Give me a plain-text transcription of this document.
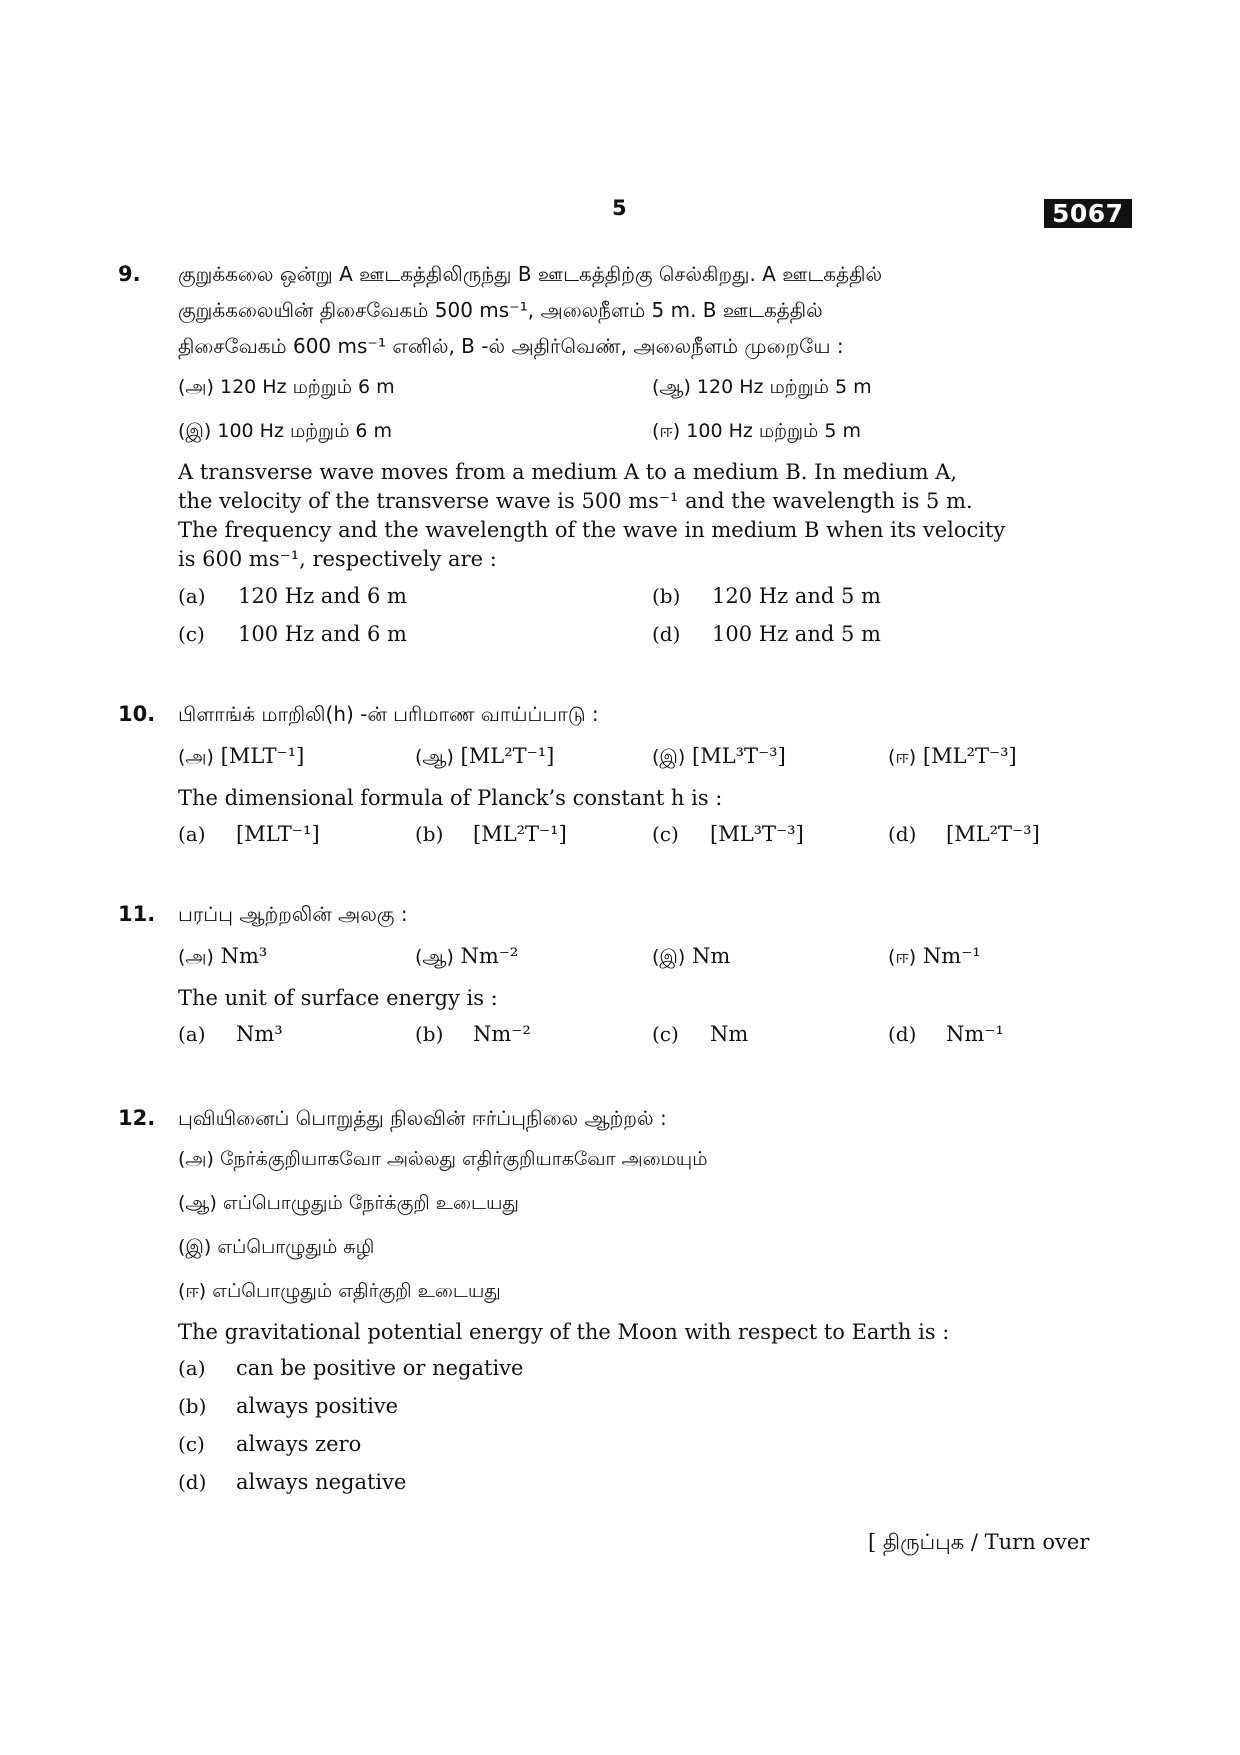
5	5067
9. குறுக்கலை ஒன்று A ஊடகத்திலிருந்து B ஊடகத்திற்கு செல்கிறது. A ஊடகத்தில்
குறுக்கலையின் திசைவேகம் 500 ms⁻¹, அலைநீளம் 5 m. B ஊடகத்தில்
திசைவேகம் 600 ms⁻¹ எனில், B -ல் அதிர்வெண், அலைநீளம் முறையே :
(அ) 120 Hz மற்றும் 6 m	(ஆ) 120 Hz மற்றும் 5 m
(இ) 100 Hz மற்றும் 6 m	(ஈ) 100 Hz மற்றும் 5 m
A transverse wave moves from a medium A to a medium B. In medium A,
the velocity of the transverse wave is 500 ms⁻¹ and the wavelength is 5 m.
The frequency and the wavelength of the wave in medium B when its velocity
is 600 ms⁻¹, respectively are :
(a) 120 Hz and 6 m	(b) 120 Hz and 5 m
(c) 100 Hz and 6 m	(d) 100 Hz and 5 m
10. பிளாங்க் மாறிலி(h) -ன் பரிமாண வாய்ப்பாடு :
(அ) [MLT⁻¹]	(ஆ) [ML²T⁻¹]	(இ) [ML³T⁻³]	(ஈ) [ML²T⁻³]
The dimensional formula of Planck’s constant h is :
(a) [MLT⁻¹]	(b) [ML²T⁻¹]	(c) [ML³T⁻³]	(d) [ML²T⁻³]
11. பரப்பு ஆற்றலின் அலகு :
(அ) Nm³	(ஆ) Nm⁻²	(இ) Nm	(ஈ) Nm⁻¹
The unit of surface energy is :
(a) Nm³	(b) Nm⁻²	(c) Nm	(d) Nm⁻¹
12. புவியினைப் பொறுத்து நிலவின் ஈர்ப்புநிலை ஆற்றல் :
(அ) நேர்க்குறியாகவோ அல்லது எதிர்குறியாகவோ அமையும்
(ஆ) எப்பொழுதும் நேர்க்குறி உடையது
(இ) எப்பொழுதும் சுழி
(ஈ) எப்பொழுதும் எதிர்குறி உடையது
The gravitational potential energy of the Moon with respect to Earth is :
(a) can be positive or negative
(b) always positive
(c) always zero
(d) always negative
[ திருப்புக / Turn over
